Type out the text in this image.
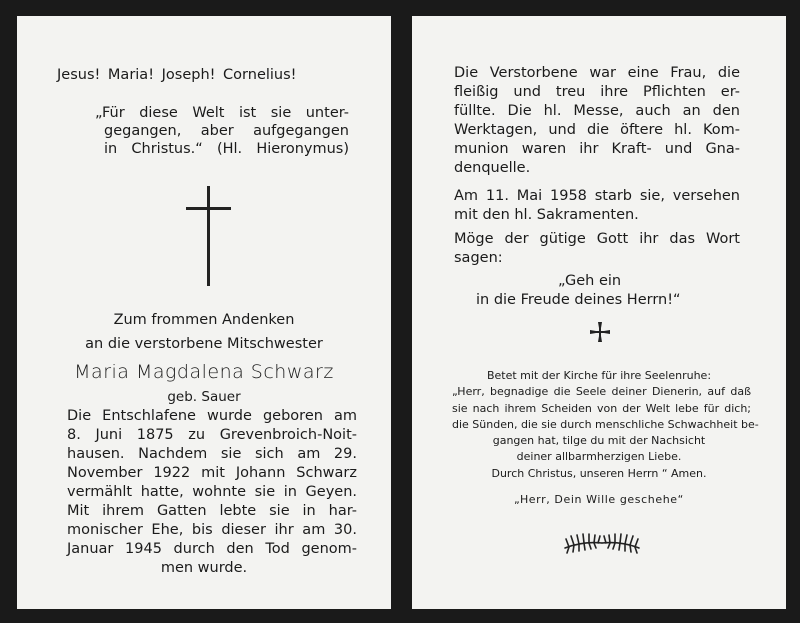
Jesus! Maria! Joseph! Cornelius!
„Für diese Welt ist sie unter-
gegangen, aber aufgegangen
in Christus.“ (Hl. Hieronymus)
Zum frommen Andenken
an die verstorbene Mitschwester
Maria Magdalena Schwarz
geb. Sauer
Die Entschlafene wurde geboren am
8. Juni 1875 zu Grevenbroich-Noit-
hausen. Nachdem sie sich am 29.
November 1922 mit Johann Schwarz
vermählt hatte, wohnte sie in Geyen.
Mit ihrem Gatten lebte sie in har-
monischer Ehe, bis dieser ihr am 30.
Januar 1945 durch den Tod genom-
men wurde.
Die Verstorbene war eine Frau, die
fleißig und treu ihre Pflichten er-
füllte. Die hl. Messe, auch an den
Werktagen, und die öftere hl. Kom-
munion waren ihr Kraft- und Gna-
denquelle.
Am 11. Mai 1958 starb sie, versehen
mit den hl. Sakramenten.
Möge der gütige Gott ihr das Wort
sagen:
„Geh ein
in die Freude deines Herrn!“
Betet mit der Kirche für ihre Seelenruhe:
„Herr, begnadige die Seele deiner Dienerin, auf daß
sie nach ihrem Scheiden von der Welt lebe für dich;
die Sünden, die sie durch menschliche Schwachheit be-
gangen hat, tilge du mit der Nachsicht
deiner allbarmherzigen Liebe.
Durch Christus, unseren Herrn “ Amen.
„Herr, Dein Wille geschehe“
